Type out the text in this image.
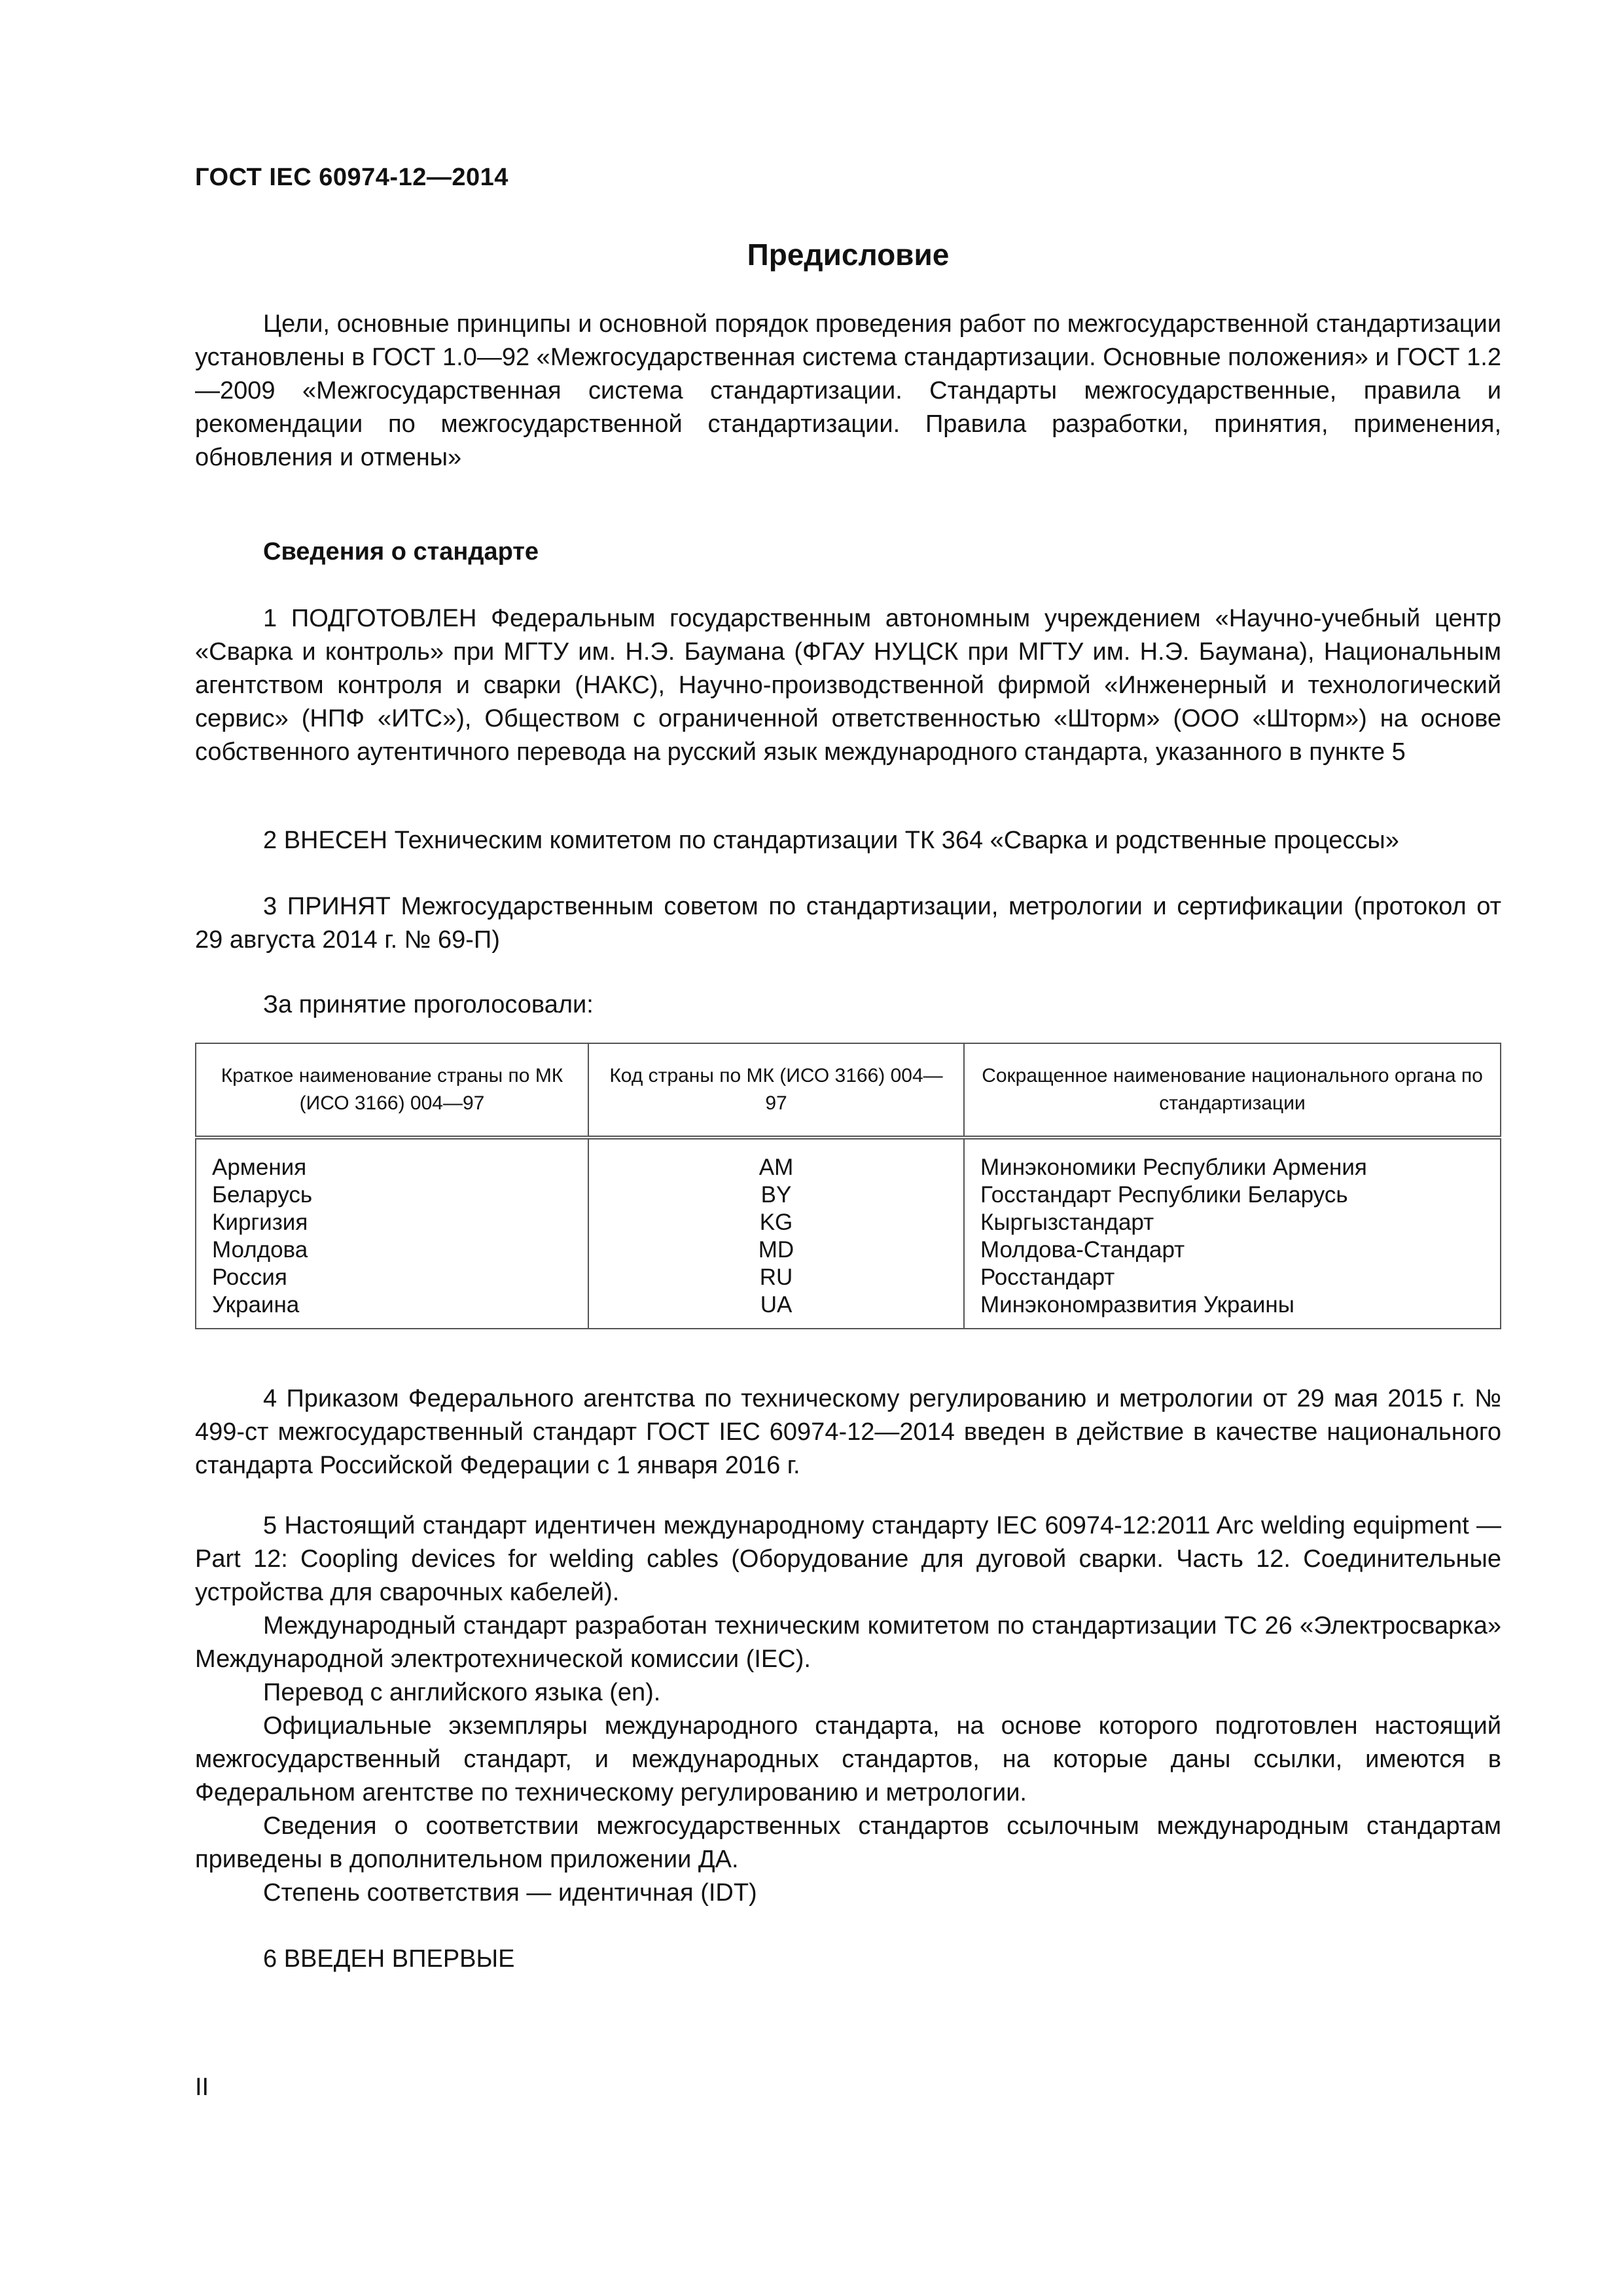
ГОСТ IEC 60974-12—2014
Предисловие
Цели, основные принципы и основной порядок проведения работ по межгосударственной стандартизации установлены в ГОСТ 1.0—92 «Межгосударственная система стандартизации. Основные положения» и ГОСТ 1.2—2009 «Межгосударственная система стандартизации. Стандарты межгосударственные, правила и рекомендации по межгосударственной стандартизации. Правила разработки, принятия, применения, обновления и отмены»
Сведения о стандарте
1 ПОДГОТОВЛЕН Федеральным государственным автономным учреждением «Научно-учебный центр «Сварка и контроль» при МГТУ им. Н.Э. Баумана (ФГАУ НУЦСК при МГТУ им. Н.Э. Баумана), Национальным агентством контроля и сварки (НАКС), Научно-производственной фирмой «Инженерный и технологический сервис» (НПФ «ИТС»), Обществом с ограниченной ответственностью «Шторм» (ООО «Шторм») на основе собственного аутентичного перевода на русский язык международного стандарта, указанного в пункте 5
2 ВНЕСЕН Техническим комитетом по стандартизации ТК 364 «Сварка и родственные процессы»
3 ПРИНЯТ Межгосударственным советом по стандартизации, метрологии и сертификации (протокол от 29 августа 2014 г. № 69-П)
За принятие проголосовали:
Краткое наименование страны по МК (ИСО 3166) 004—97	Код страны по МК (ИСО 3166) 004—97	Сокращенное наименование национального органа по стандартизации
Армения	AM	Минэкономики Республики Армения
Беларусь	BY	Госстандарт Республики Беларусь
Киргизия	KG	Кыргызстандарт
Молдова	MD	Молдова-Стандарт
Россия	RU	Росстандарт
Украина	UA	Минэкономразвития Украины
4 Приказом Федерального агентства по техническому регулированию и метрологии от 29 мая 2015 г. № 499-ст межгосударственный стандарт ГОСТ IEC 60974-12—2014 введен в действие в качестве национального стандарта Российской Федерации с 1 января 2016 г.
5 Настоящий стандарт идентичен международному стандарту IEC 60974-12:2011 Arc welding equipment — Part 12: Coopling devices for welding cables (Оборудование для дуговой сварки. Часть 12. Соединительные устройства для сварочных кабелей).
Международный стандарт разработан техническим комитетом по стандартизации ТС 26 «Электросварка» Международной электротехнической комиссии (IEC).
Перевод с английского языка (en).
Официальные экземпляры международного стандарта, на основе которого подготовлен настоящий межгосударственный стандарт, и международных стандартов, на которые даны ссылки, имеются в Федеральном агентстве по техническому регулированию и метрологии.
Сведения о соответствии межгосударственных стандартов ссылочным международным стандартам приведены в дополнительном приложении ДА.
Степень соответствия — идентичная (IDT)
6 ВВЕДЕН ВПЕРВЫЕ
II
